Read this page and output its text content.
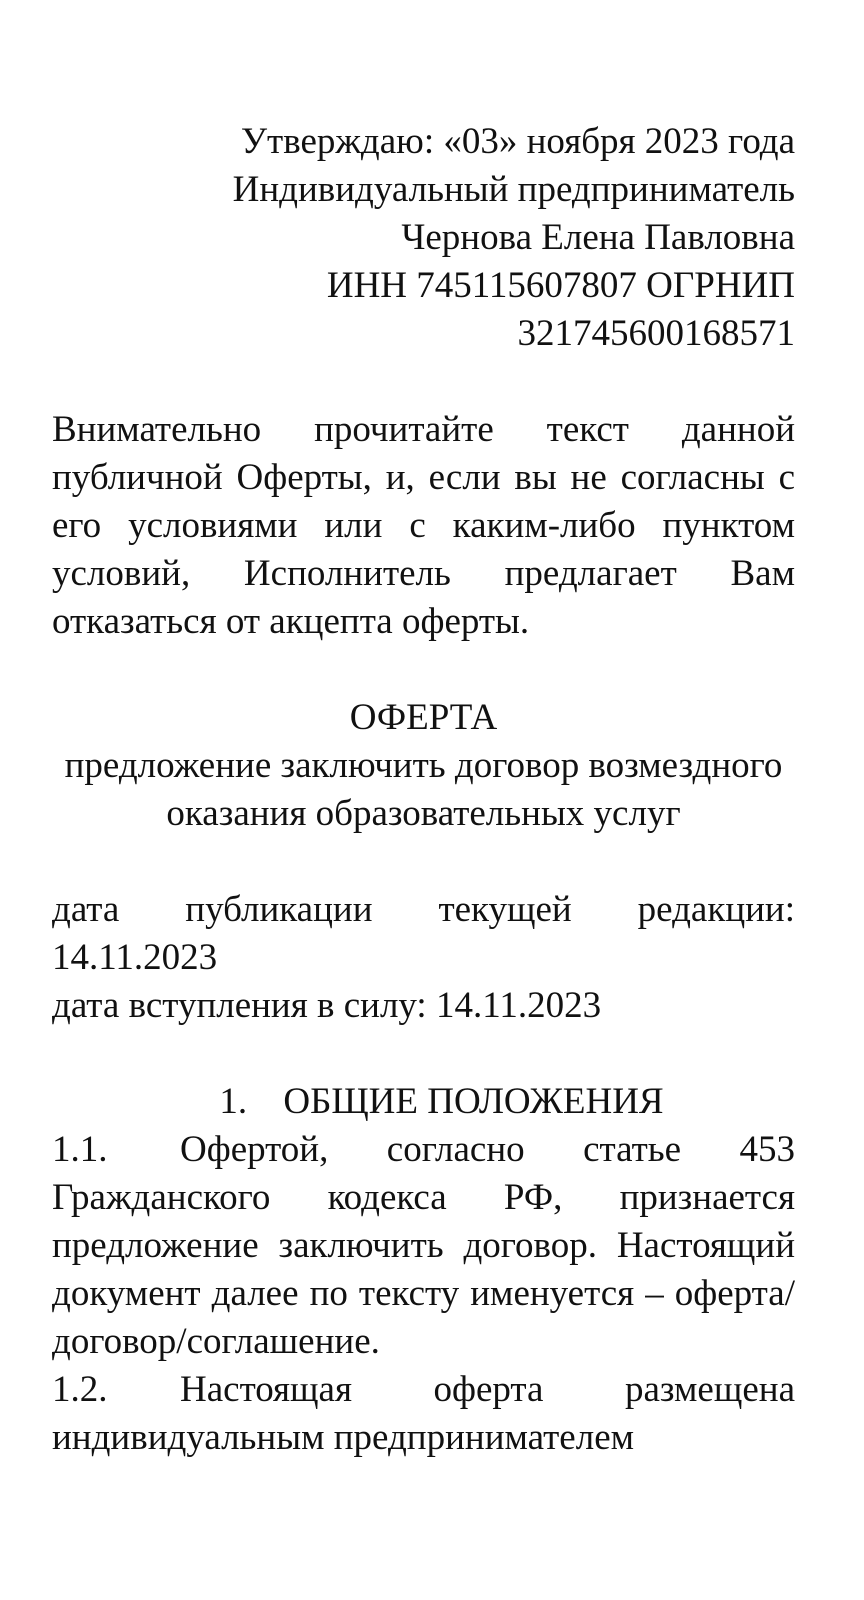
Утверждаю: «03» ноября 2023 года
Индивидуальный предприниматель
Чернова Елена Павловна
ИНН 745115607807 ОГРНИП
321745600168571
Внимательно прочитайте текст данной публичной Оферты, и, если вы не согласны с его условиями или с каким-либо пунктом условий, Исполнитель предлагает Вам отказаться от акцепта оферты.
ОФЕРТА
предложение заключить договор возмездного оказания образовательных услуг
дата публикации текущей редакции: 14.11.2023
дата вступления в силу: 14.11.2023
1. ОБЩИЕ ПОЛОЖЕНИЯ
1.1. Офертой, согласно статье 453 Гражданского кодекса РФ, признается предложение заключить договор. Настоящий документ далее по тексту именуется – оферта/договор/соглашение.
1.2. Настоящая оферта размещена индивидуальным предпринимателем
